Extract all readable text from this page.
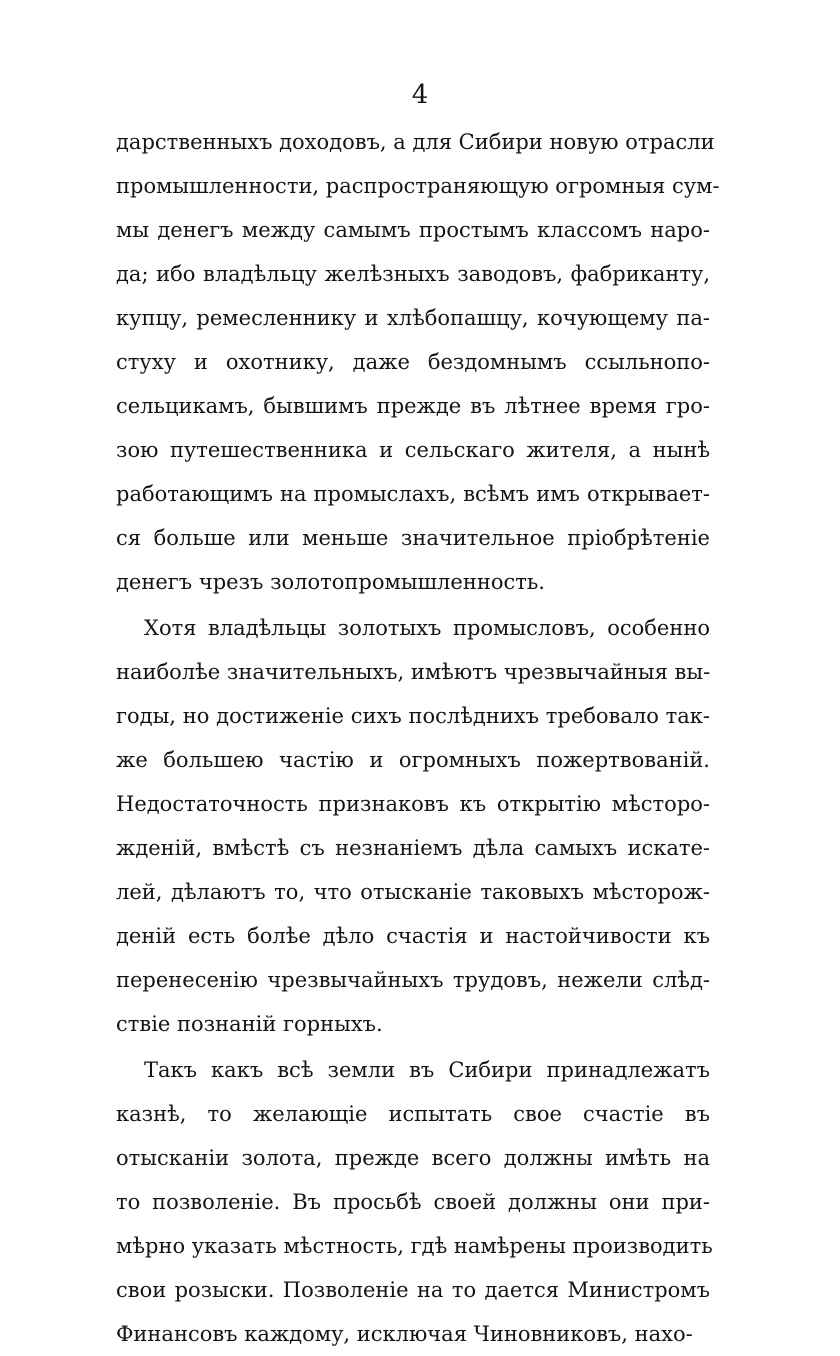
4
дарственныхъ доходовъ, а для Сибири новую отрасли
промышленности, распространяющую огромныя сум-
мы денегъ между самымъ простымъ классомъ наро-
да; ибо владѣльцу желѣзныхъ заводовъ, фабриканту,
купцу, ремесленнику и хлѣбопашцу, кочующему па-
стуху и охотнику, даже бездомнымъ ссыльнопо-
сельцикамъ, бывшимъ прежде въ лѣтнее время гро-
зою путешественника и сельскаго жителя, а нынѣ
работающимъ на промыслахъ, всѣмъ имъ открывает-
ся больше или меньше значительное пріобрѣтеніе
денегъ чрезъ золотопромышленность.
Хотя владѣльцы золотыхъ промысловъ, особенно
наиболѣе значительныхъ, имѣютъ чрезвычайныя вы-
годы, но достиженіе сихъ послѣднихъ требовало так-
же большею частію и огромныхъ пожертвованій.
Недостаточность признаковъ къ открытію мѣсторо-
жденій, вмѣстѣ съ незнаніемъ дѣла самыхъ искате-
лей, дѣлаютъ то, что отысканіе таковыхъ мѣсторож-
деній есть болѣе дѣло счастія и настойчивости къ
перенесенію чрезвычайныхъ трудовъ, нежели слѣд-
ствіе познаній горныхъ.
Такъ какъ всѣ земли въ Сибири принадлежатъ
казнѣ, то желающіе испытать свое счастіе въ
отысканіи золота, прежде всего должны имѣть на
то позволеніе. Въ просьбѣ своей должны они при-
мѣрно указать мѣстность, гдѣ намѣрены производить
свои розыски. Позволеніе на то дается Министромъ
Финансовъ каждому, исключая Чиновниковъ, нахо-
